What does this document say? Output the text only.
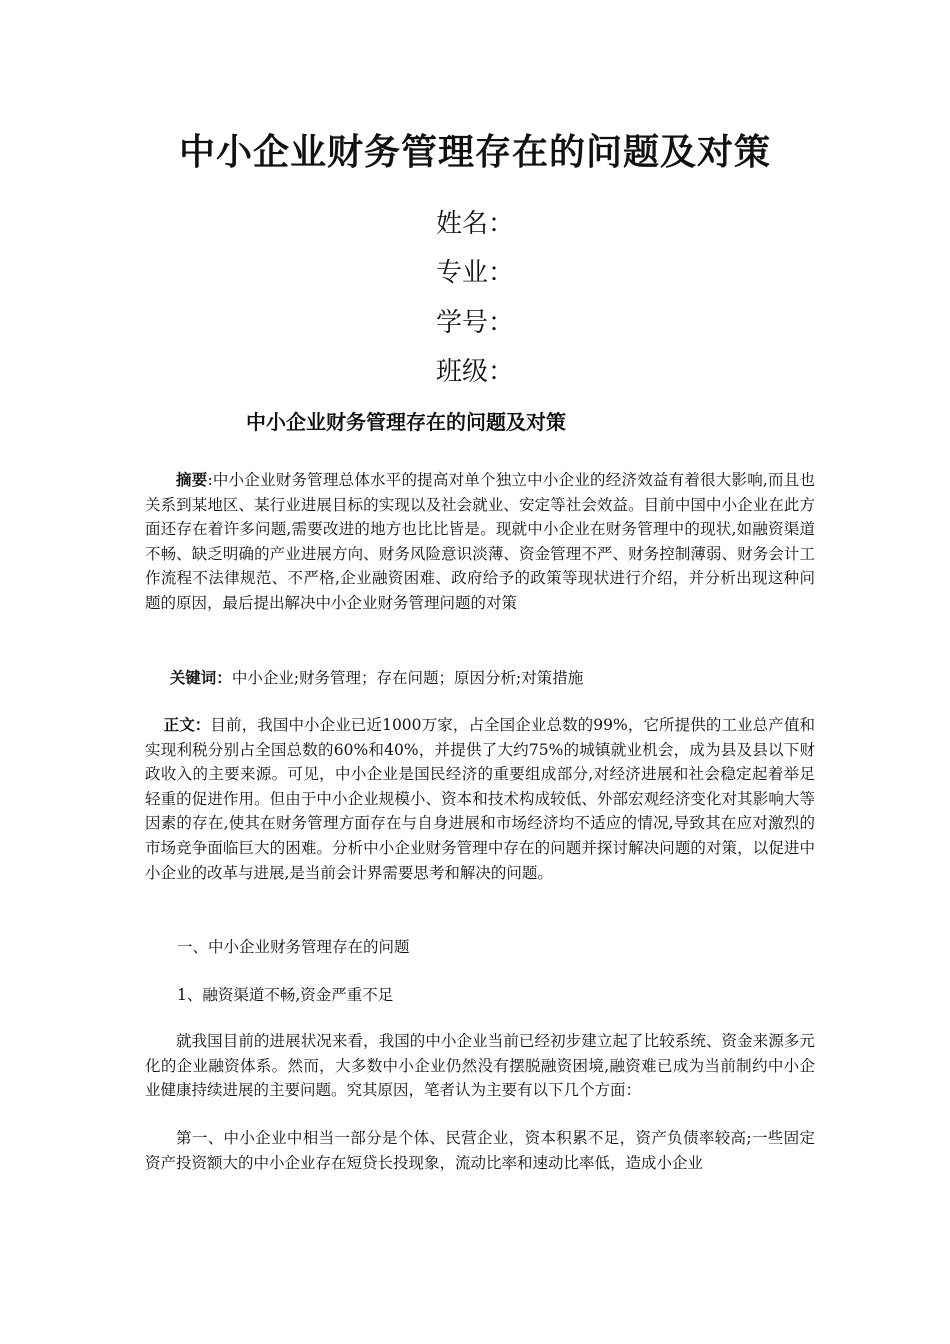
中小企业财务管理存在的问题及对策
姓名：
专业：
学号：
班级：
中小企业财务管理存在的问题及对策

摘要:中小企业财务管理总体水平的提高对单个独立中小企业的经济效益有着很大影响,而且也关系到某地区、某行业进展目标的实现以及社会就业、安定等社会效益。目前中国中小企业在此方面还存在着许多问题,需要改进的地方也比比皆是。现就中小企业在财务管理中的现状,如融资渠道不畅、缺乏明确的产业进展方向、财务风险意识淡薄、资金管理不严、财务控制薄弱、财务会计工作流程不法律规范、不严格,企业融资困难、政府给予的政策等现状进行介绍，并分析出现这种问题的原因，最后提出解决中小企业财务管理问题的对策

关键词：中小企业;财务管理；存在问题；原因分析;对策措施

正文：目前，我国中小企业已近1000万家，占全国企业总数的99%，它所提供的工业总产值和实现利税分别占全国总数的60%和40%，并提供了大约75%的城镇就业机会，成为县及县以下财政收入的主要来源。可见，中小企业是国民经济的重要组成部分,对经济进展和社会稳定起着举足轻重的促进作用。但由于中小企业规模小、资本和技术构成较低、外部宏观经济变化对其影响大等因素的存在,使其在财务管理方面存在与自身进展和市场经济均不适应的情况,导致其在应对激烈的市场竞争面临巨大的困难。分析中小企业财务管理中存在的问题并探讨解决问题的对策，以促进中小企业的改革与进展,是当前会计界需要思考和解决的问题。

一、中小企业财务管理存在的问题
1、融资渠道不畅,资金严重不足

就我国目前的进展状况来看，我国的中小企业当前已经初步建立起了比较系统、资金来源多元化的企业融资体系。然而，大多数中小企业仍然没有摆脱融资困境,融资难已成为当前制约中小企业健康持续进展的主要问题。究其原因，笔者认为主要有以下几个方面：

第一、中小企业中相当一部分是个体、民营企业，资本积累不足，资产负债率较高;一些固定资产投资额大的中小企业存在短贷长投现象，流动比率和速动比率低，造成小企业
